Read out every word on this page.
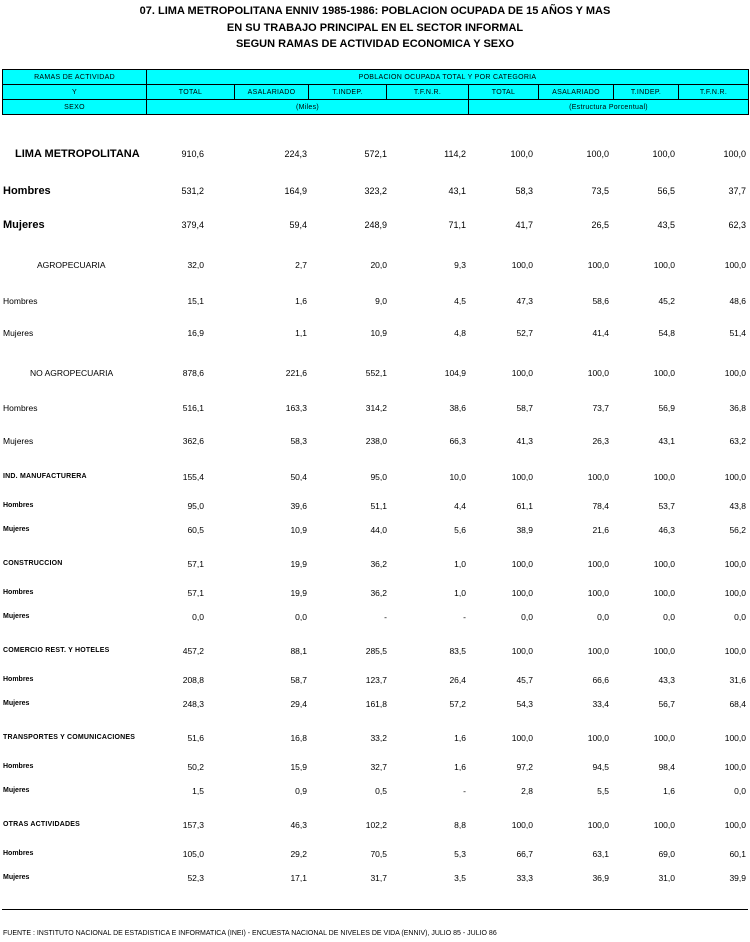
07. LIMA METROPOLITANA ENNIV 1985-1986: POBLACION OCUPADA DE 15 AÑOS Y MAS
EN SU TRABAJO PRINCIPAL EN EL SECTOR INFORMAL
SEGUN RAMAS DE ACTIVIDAD ECONOMICA Y SEXO
RAMAS DE ACTIVIDAD
Y
SEXO
POBLACION OCUPADA TOTAL Y POR CATEGORIA
TOTAL	ASALARIADO	T.INDEP.	T.F.N.R.	TOTAL	ASALARIADO	T.INDEP.	T.F.N.R.
(Miles)	(Estructura Porcentual)
LIMA METROPOLITANA	910,6	224,3	572,1	114,2	100,0	100,0	100,0	100,0
Hombres	531,2	164,9	323,2	43,1	58,3	73,5	56,5	37,7
Mujeres	379,4	59,4	248,9	71,1	41,7	26,5	43,5	62,3
AGROPECUARIA	32,0	2,7	20,0	9,3	100,0	100,0	100,0	100,0
Hombres	15,1	1,6	9,0	4,5	47,3	58,6	45,2	48,6
Mujeres	16,9	1,1	10,9	4,8	52,7	41,4	54,8	51,4
NO AGROPECUARIA	878,6	221,6	552,1	104,9	100,0	100,0	100,0	100,0
Hombres	516,1	163,3	314,2	38,6	58,7	73,7	56,9	36,8
Mujeres	362,6	58,3	238,0	66,3	41,3	26,3	43,1	63,2
IND. MANUFACTURERA	155,4	50,4	95,0	10,0	100,0	100,0	100,0	100,0
Hombres	95,0	39,6	51,1	4,4	61,1	78,4	53,7	43,8
Mujeres	60,5	10,9	44,0	5,6	38,9	21,6	46,3	56,2
CONSTRUCCION	57,1	19,9	36,2	1,0	100,0	100,0	100,0	100,0
Hombres	57,1	19,9	36,2	1,0	100,0	100,0	100,0	100,0
Mujeres	0,0	0,0	-	-	0,0	0,0	0,0	0,0
COMERCIO REST. Y HOTELES	457,2	88,1	285,5	83,5	100,0	100,0	100,0	100,0
Hombres	208,8	58,7	123,7	26,4	45,7	66,6	43,3	31,6
Mujeres	248,3	29,4	161,8	57,2	54,3	33,4	56,7	68,4
TRANSPORTES Y COMUNICACIONES	51,6	16,8	33,2	1,6	100,0	100,0	100,0	100,0
Hombres	50,2	15,9	32,7	1,6	97,2	94,5	98,4	100,0
Mujeres	1,5	0,9	0,5	-	2,8	5,5	1,6	0,0
OTRAS ACTIVIDADES	157,3	46,3	102,2	8,8	100,0	100,0	100,0	100,0
Hombres	105,0	29,2	70,5	5,3	66,7	63,1	69,0	60,1
Mujeres	52,3	17,1	31,7	3,5	33,3	36,9	31,0	39,9
FUENTE : INSTITUTO NACIONAL DE ESTADISTICA E INFORMATICA (INEI) - ENCUESTA NACIONAL DE NIVELES DE VIDA (ENNIV), JULIO 85 - JULIO 86
